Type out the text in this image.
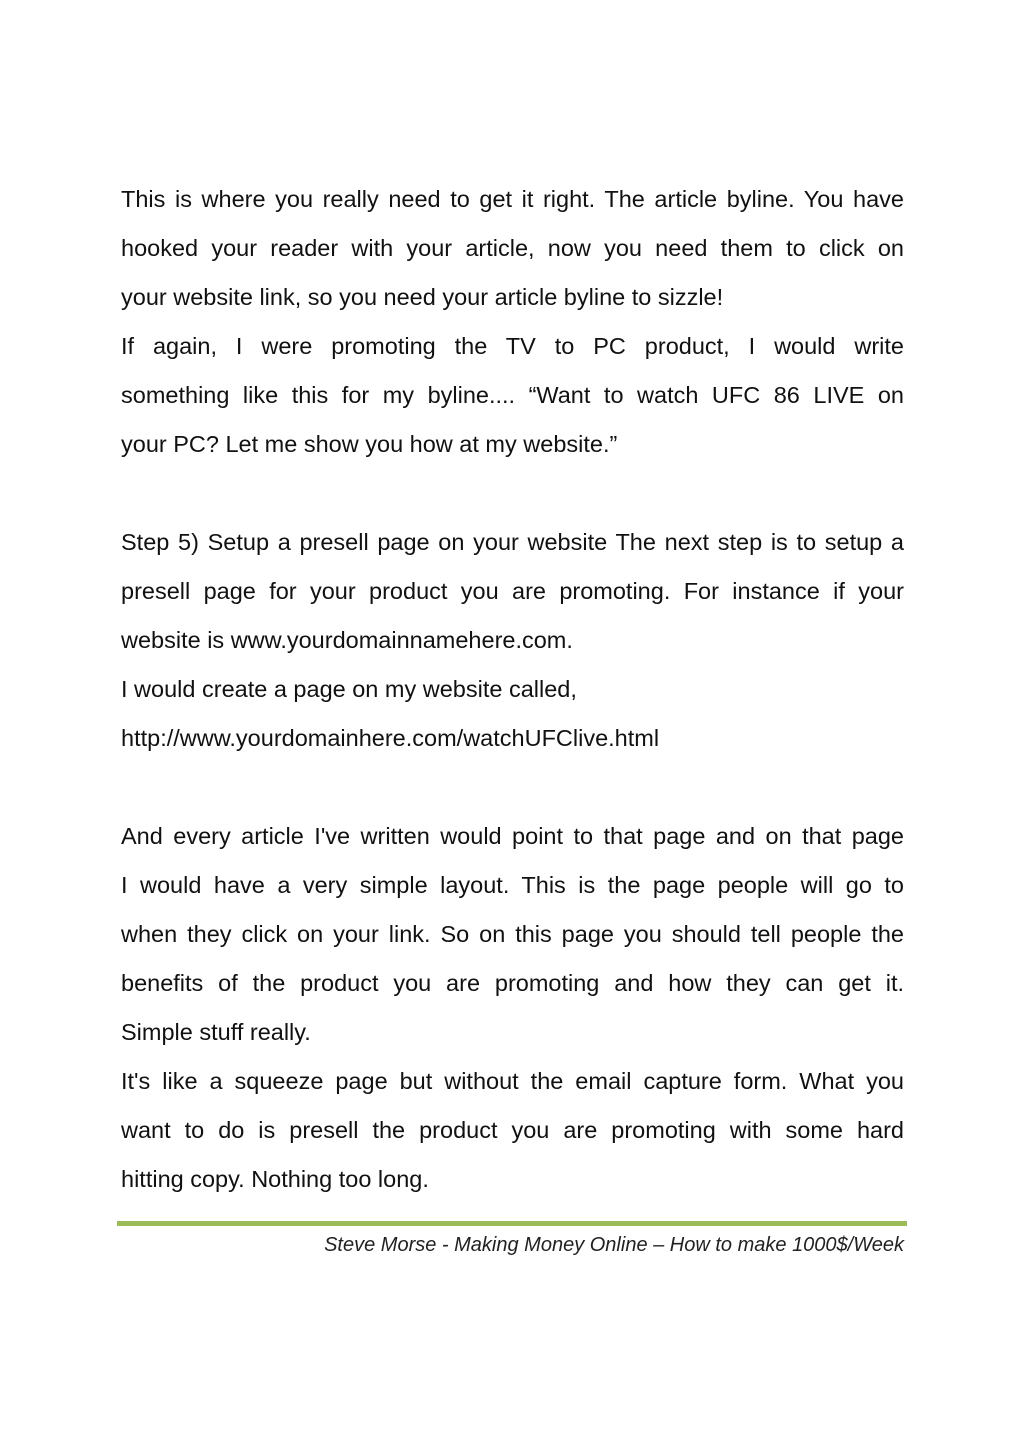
This is where you really need to get it right. The article byline. You have
hooked your reader with your article, now you need them to click on
your website link, so you need your article byline to sizzle!
If again, I were promoting the TV to PC product, I would write
something like this for my byline.... “Want to watch UFC 86 LIVE on
your PC? Let me show you how at my website.”
Step 5) Setup a presell page on your website The next step is to setup a
presell page for your product you are promoting. For instance if your
website is www.yourdomainnamehere.com.
I would create a page on my website called,
http://www.yourdomainhere.com/watchUFClive.html
And every article I've written would point to that page and on that page
I would have a very simple layout. This is the page people will go to
when they click on your link. So on this page you should tell people the
benefits of the product you are promoting and how they can get it.
Simple stuff really.
It's like a squeeze page but without the email capture form. What you
want to do is presell the product you are promoting with some hard
hitting copy. Nothing too long.
Steve Morse - Making Money Online – How to make 1000$/Week
